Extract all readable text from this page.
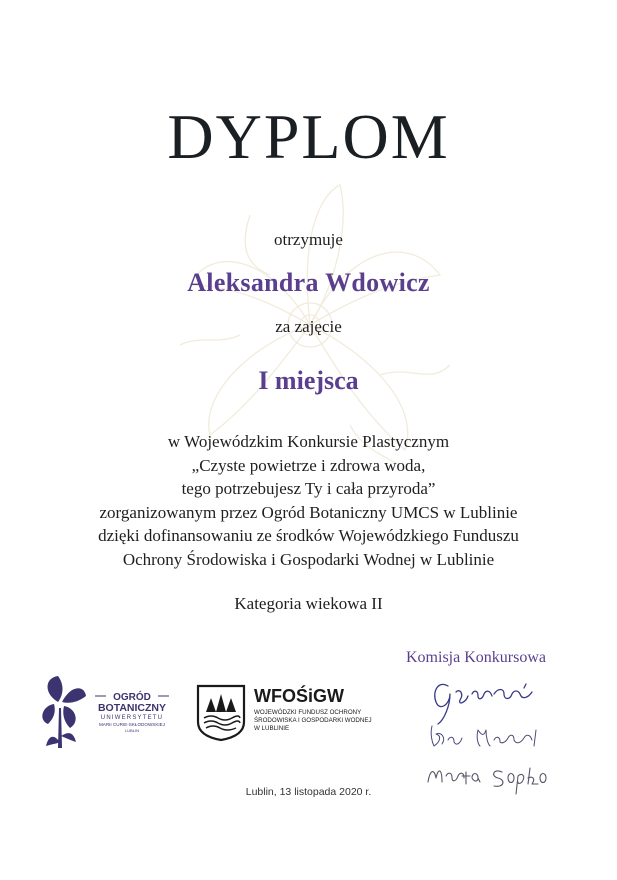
DYPLOM
otrzymuje
Aleksandra Wdowicz
za zajęcie
I miejsca
w Wojewódzkim Konkursie Plastycznym
„Czyste powietrze i zdrowa woda,
tego potrzebujesz Ty i cała przyroda”
zorganizowanym przez Ogród Botaniczny UMCS w Lublinie
dzięki dofinansowaniu ze środków Wojewódzkiego Funduszu
Ochrony Środowiska i Gospodarki Wodnej w Lublinie
Kategoria wiekowa II
Komisja Konkursowa
OGRÓD
BOTANICZNY
UNIWERSYTETU
MARII CURIE-SKŁODOWSKIEJ
LUBLIN
WFOŚiGW
WOJEWÓDZKI FUNDUSZ OCHRONY
ŚRODOWISKA I GOSPODARKI WODNEJ
W LUBLINIE
Lublin, 13 listopada 2020 r.
